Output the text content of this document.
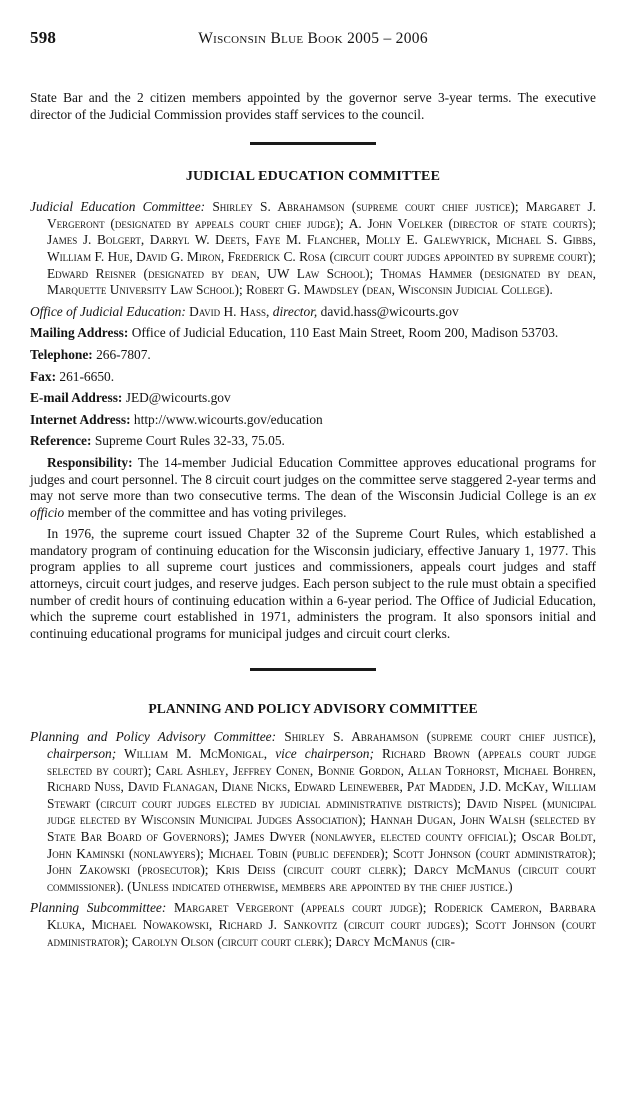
598	Wisconsin Blue Book 2005 – 2006

State Bar and the 2 citizen members appointed by the governor serve 3-year terms. The executive director of the Judicial Commission provides staff services to the council.

JUDICIAL EDUCATION COMMITTEE

Judicial Education Committee: Shirley S. Abrahamson (supreme court chief justice); Margaret J. Vergeront (designated by appeals court chief judge); A. John Voelker (director of state courts); James J. Bolgert, Darryl W. Deets, Faye M. Flancher, Molly E. Galewyrick, Michael S. Gibbs, William F. Hue, David G. Miron, Frederick C. Rosa (circuit court judges appointed by supreme court); Edward Reisner (designated by dean, UW Law School); Thomas Hammer (designated by dean, Marquette University Law School); Robert G. Mawdsley (dean, Wisconsin Judicial College).

Office of Judicial Education: David H. Hass, director, david.hass@wicourts.gov

Mailing Address: Office of Judicial Education, 110 East Main Street, Room 200, Madison 53703.

Telephone: 266-7807.

Fax: 261-6650.

E-mail Address: JED@wicourts.gov

Internet Address: http://www.wicourts.gov/education

Reference: Supreme Court Rules 32-33, 75.05.

Responsibility: The 14-member Judicial Education Committee approves educational programs for judges and court personnel. The 8 circuit court judges on the committee serve staggered 2-year terms and may not serve more than two consecutive terms. The dean of the Wisconsin Judicial College is an ex officio member of the committee and has voting privileges.

In 1976, the supreme court issued Chapter 32 of the Supreme Court Rules, which established a mandatory program of continuing education for the Wisconsin judiciary, effective January 1, 1977. This program applies to all supreme court justices and commissioners, appeals court judges and staff attorneys, circuit court judges, and reserve judges. Each person subject to the rule must obtain a specified number of credit hours of continuing education within a 6-year period. The Office of Judicial Education, which the supreme court established in 1971, administers the program. It also sponsors initial and continuing educational programs for municipal judges and circuit court clerks.

PLANNING AND POLICY ADVISORY COMMITTEE

Planning and Policy Advisory Committee: Shirley S. Abrahamson (supreme court chief justice), chairperson; William M. McMonigal, vice chairperson; Richard Brown (appeals court judge selected by court); Carl Ashley, Jeffrey Conen, Bonnie Gordon, Allan Torhorst, Michael Bohren, Richard Nuss, David Flanagan, Diane Nicks, Edward Leineweber, Pat Madden, J.D. McKay, William Stewart (circuit court judges elected by judicial administrative districts); David Nispel (municipal judge elected by Wisconsin Municipal Judges Association); Hannah Dugan, John Walsh (selected by State Bar Board of Governors); James Dwyer (nonlawyer, elected county official); Oscar Boldt, John Kaminski (nonlawyers); Michael Tobin (public defender); Scott Johnson (court administrator); John Zakowski (prosecutor); Kris Deiss (circuit court clerk); Darcy McManus (circuit court commissioner). (Unless indicated otherwise, members are appointed by the chief justice.)

Planning Subcommittee: Margaret Vergeront (appeals court judge); Roderick Cameron, Barbara Kluka, Michael Nowakowski, Richard J. Sankovitz (circuit court judges); Scott Johnson (court administrator); Carolyn Olson (circuit court clerk); Darcy McManus (cir-
